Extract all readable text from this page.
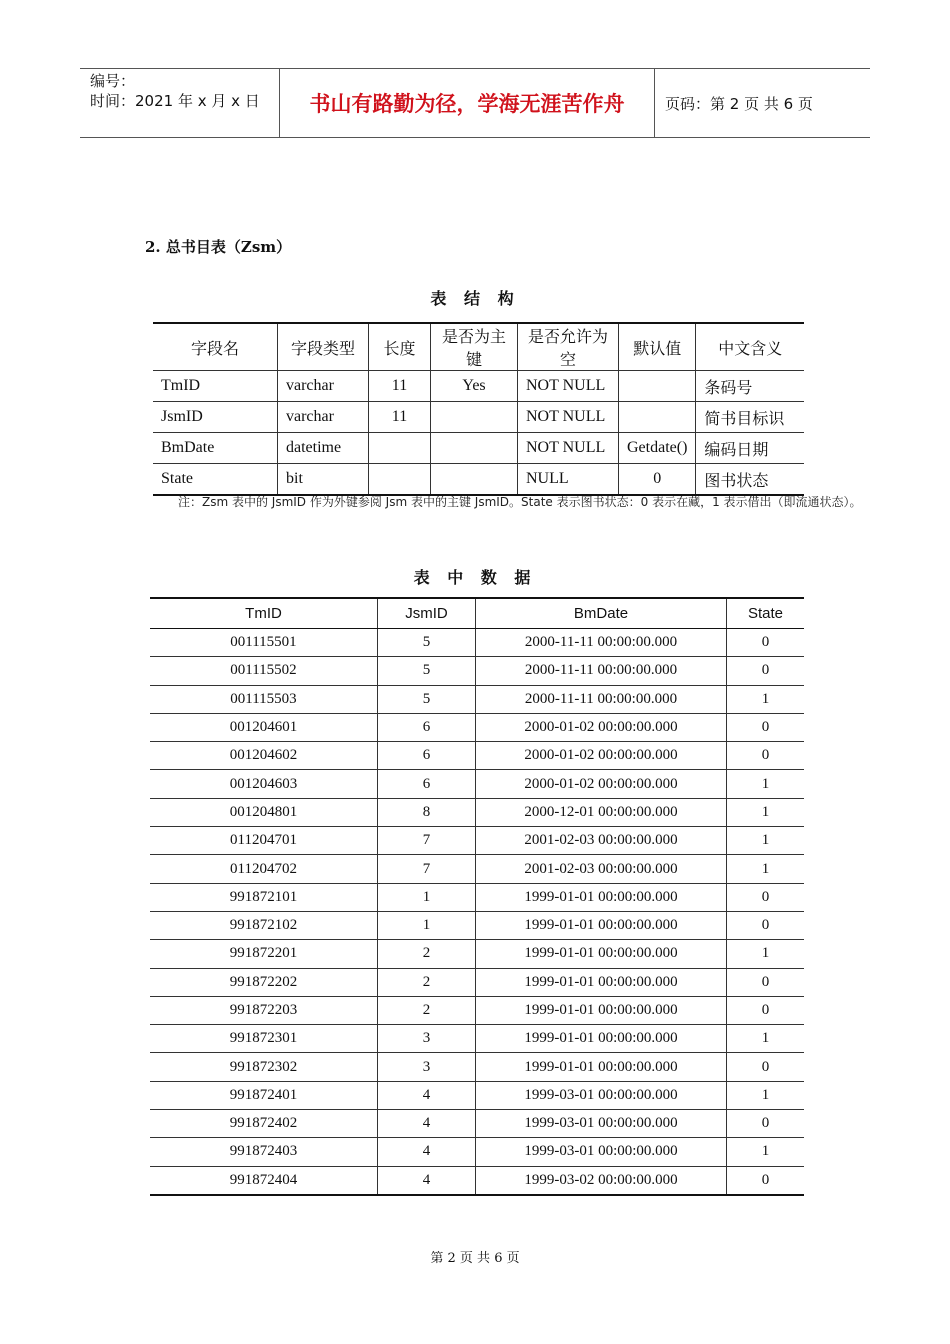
编号：
时间：2021 年 x 月 x 日	书山有路勤为径，学海无涯苦作舟	页码：第 2 页 共 6 页
2. 总书目表（Zsm）
表 结 构
字段名	字段类型	长度	是否为主键	是否允许为空	默认值	中文含义
TmID	varchar	11	Yes	NOT NULL		条码号
JsmID	varchar	11		NOT NULL		简书目标识
BmDate	datetime			NOT NULL	Getdate()	编码日期
State	bit			NULL	0	图书状态
注：Zsm 表中的 JsmID 作为外键参阅 Jsm 表中的主键 JsmID。State 表示图书状态：0 表示在藏，1 表示借出（即流通状态）。
表 中 数 据
TmID	JsmID	BmDate	State
001115501	5	2000-11-11 00:00:00.000	0
001115502	5	2000-11-11 00:00:00.000	0
001115503	5	2000-11-11 00:00:00.000	1
001204601	6	2000-01-02 00:00:00.000	0
001204602	6	2000-01-02 00:00:00.000	0
001204603	6	2000-01-02 00:00:00.000	1
001204801	8	2000-12-01 00:00:00.000	1
011204701	7	2001-02-03 00:00:00.000	1
011204702	7	2001-02-03 00:00:00.000	1
991872101	1	1999-01-01 00:00:00.000	0
991872102	1	1999-01-01 00:00:00.000	0
991872201	2	1999-01-01 00:00:00.000	1
991872202	2	1999-01-01 00:00:00.000	0
991872203	2	1999-01-01 00:00:00.000	0
991872301	3	1999-01-01 00:00:00.000	1
991872302	3	1999-01-01 00:00:00.000	0
991872401	4	1999-03-01 00:00:00.000	1
991872402	4	1999-03-01 00:00:00.000	0
991872403	4	1999-03-01 00:00:00.000	1
991872404	4	1999-03-02 00:00:00.000	0
第 2 页 共 6 页
